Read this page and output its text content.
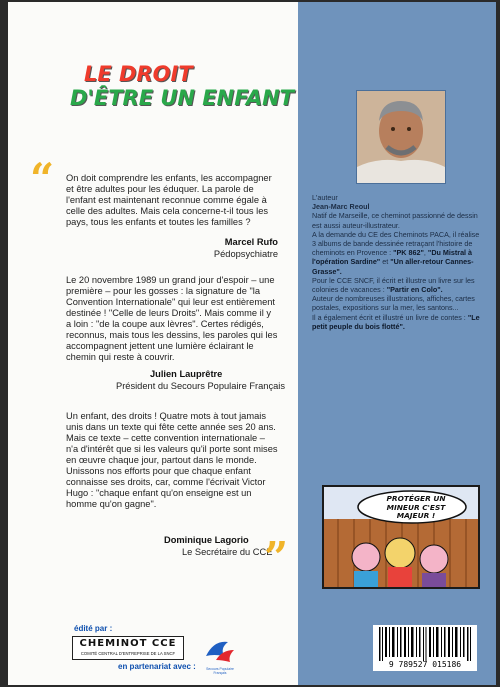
LE DROIT
D'ÊTRE UN ENFANT
“ On doit comprendre les enfants, les accompagner et être adultes pour les éduquer. La parole de l'enfant est maintenant reconnue comme égale à celle des adultes. Mais cela concerne-t-il tous les pays, tous les enfants et toutes les familles ?
Marcel Rufo
Pédopsychiatre
Le 20 novembre 1989 un grand jour d'espoir – une première – pour les gosses : la signature de "la Convention Internationale" qui leur est entièrement destinée ! "Celle de leurs Droits". Mais comme il y a loin : "de la coupe aux lèvres". Certes rédigés, reconnus, mais tous les dessins, les paroles qui les accompagnent jettent une lumière éclairant le chemin qui reste à couvrir.
Julien Lauprêtre
Président du Secours Populaire Français
Un enfant, des droits ! Quatre mots à tout jamais unis dans un texte qui fête cette année ses 20 ans. Mais ce texte – cette convention internationale – n'a d'intérêt que si les valeurs qu'il porte sont mises en œuvre chaque jour, partout dans le monde. Unissons nos efforts pour que chaque enfant connaisse ses droits, car, comme l'écrivait Victor Hugo : "chaque enfant qu'on enseigne est un homme qu'on gagne".
Dominique Lagorio
Le Secrétaire du CCE
”
L'auteur
Jean-Marc Reoul
Natif de Marseille, ce cheminot passionné de dessin est aussi auteur-illustrateur.
A la demande du CE des Cheminots PACA, il réalise 3 albums de bande dessinée retraçant l'histoire de cheminots en Provence : "PK 862", "Du Mistral à l'opération Sardine" et "Un aller-retour Cannes-Grasse".
Pour le CCE SNCF, il écrit et illustre un livre sur les colonies de vacances : "Partir en Colo".
Auteur de nombreuses illustrations, affiches, cartes postales, expositions sur la mer, les santons...
Il a également écrit et illustré un livre de contes : "Le petit peuple du bois flotté".
PROTÉGER UN MINEUR C'EST MAJEUR !
9 789527 015186
édité par :
CHEMINOT CCE
COMITÉ CENTRAL D'ENTREPRISE DE LA SNCF
en partenariat avec :	Secours Populaire Français
